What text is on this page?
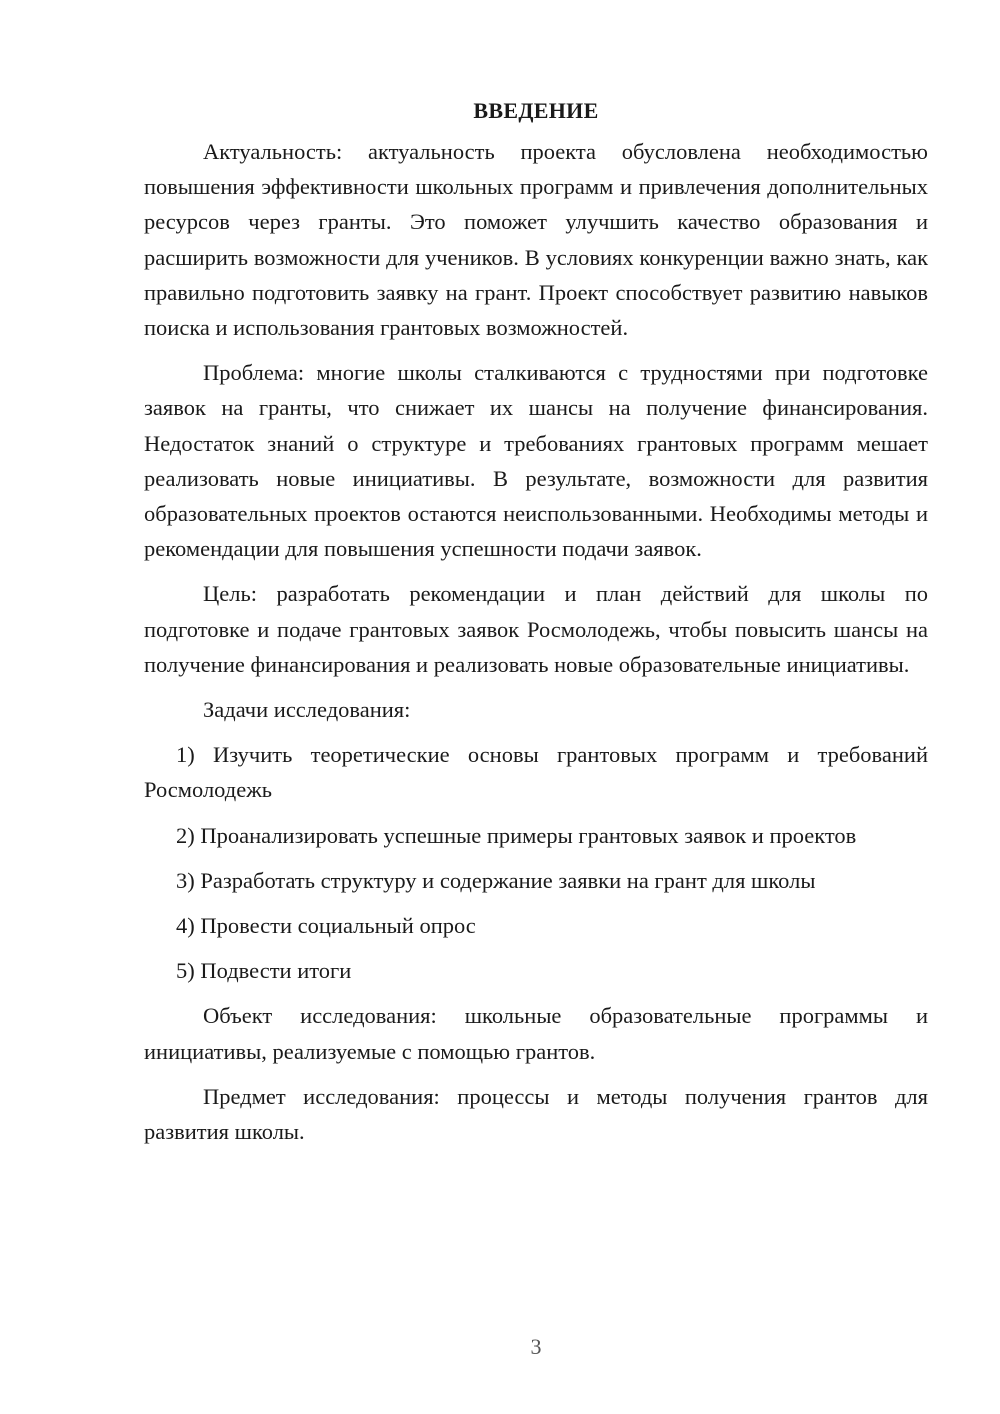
ВВЕДЕНИЕ

Актуальность: актуальность проекта обусловлена необходимостью повышения эффективности школьных программ и привлечения дополнительных ресурсов через гранты. Это поможет улучшить качество образования и расширить возможности для учеников. В условиях конкуренции важно знать, как правильно подготовить заявку на грант. Проект способствует развитию навыков поиска и использования грантовых возможностей.

Проблема: многие школы сталкиваются с трудностями при подготовке заявок на гранты, что снижает их шансы на получение финансирования. Недостаток знаний о структуре и требованиях грантовых программ мешает реализовать новые инициативы. В результате, возможности для развития образовательных проектов остаются неиспользованными. Необходимы методы и рекомендации для повышения успешности подачи заявок.

Цель: разработать рекомендации и план действий для школы по подготовке и подаче грантовых заявок Росмолодежь, чтобы повысить шансы на получение финансирования и реализовать новые образовательные инициативы.

Задачи исследования:

1) Изучить теоретические основы грантовых программ и требований Росмолодежь

2) Проанализировать успешные примеры грантовых заявок и проектов

3) Разработать структуру и содержание заявки на грант для школы

4) Провести социальный опрос

5) Подвести итоги

Объект исследования: школьные образовательные программы и инициативы, реализуемые с помощью грантов.

Предмет исследования: процессы и методы получения грантов для развития школы.

3
